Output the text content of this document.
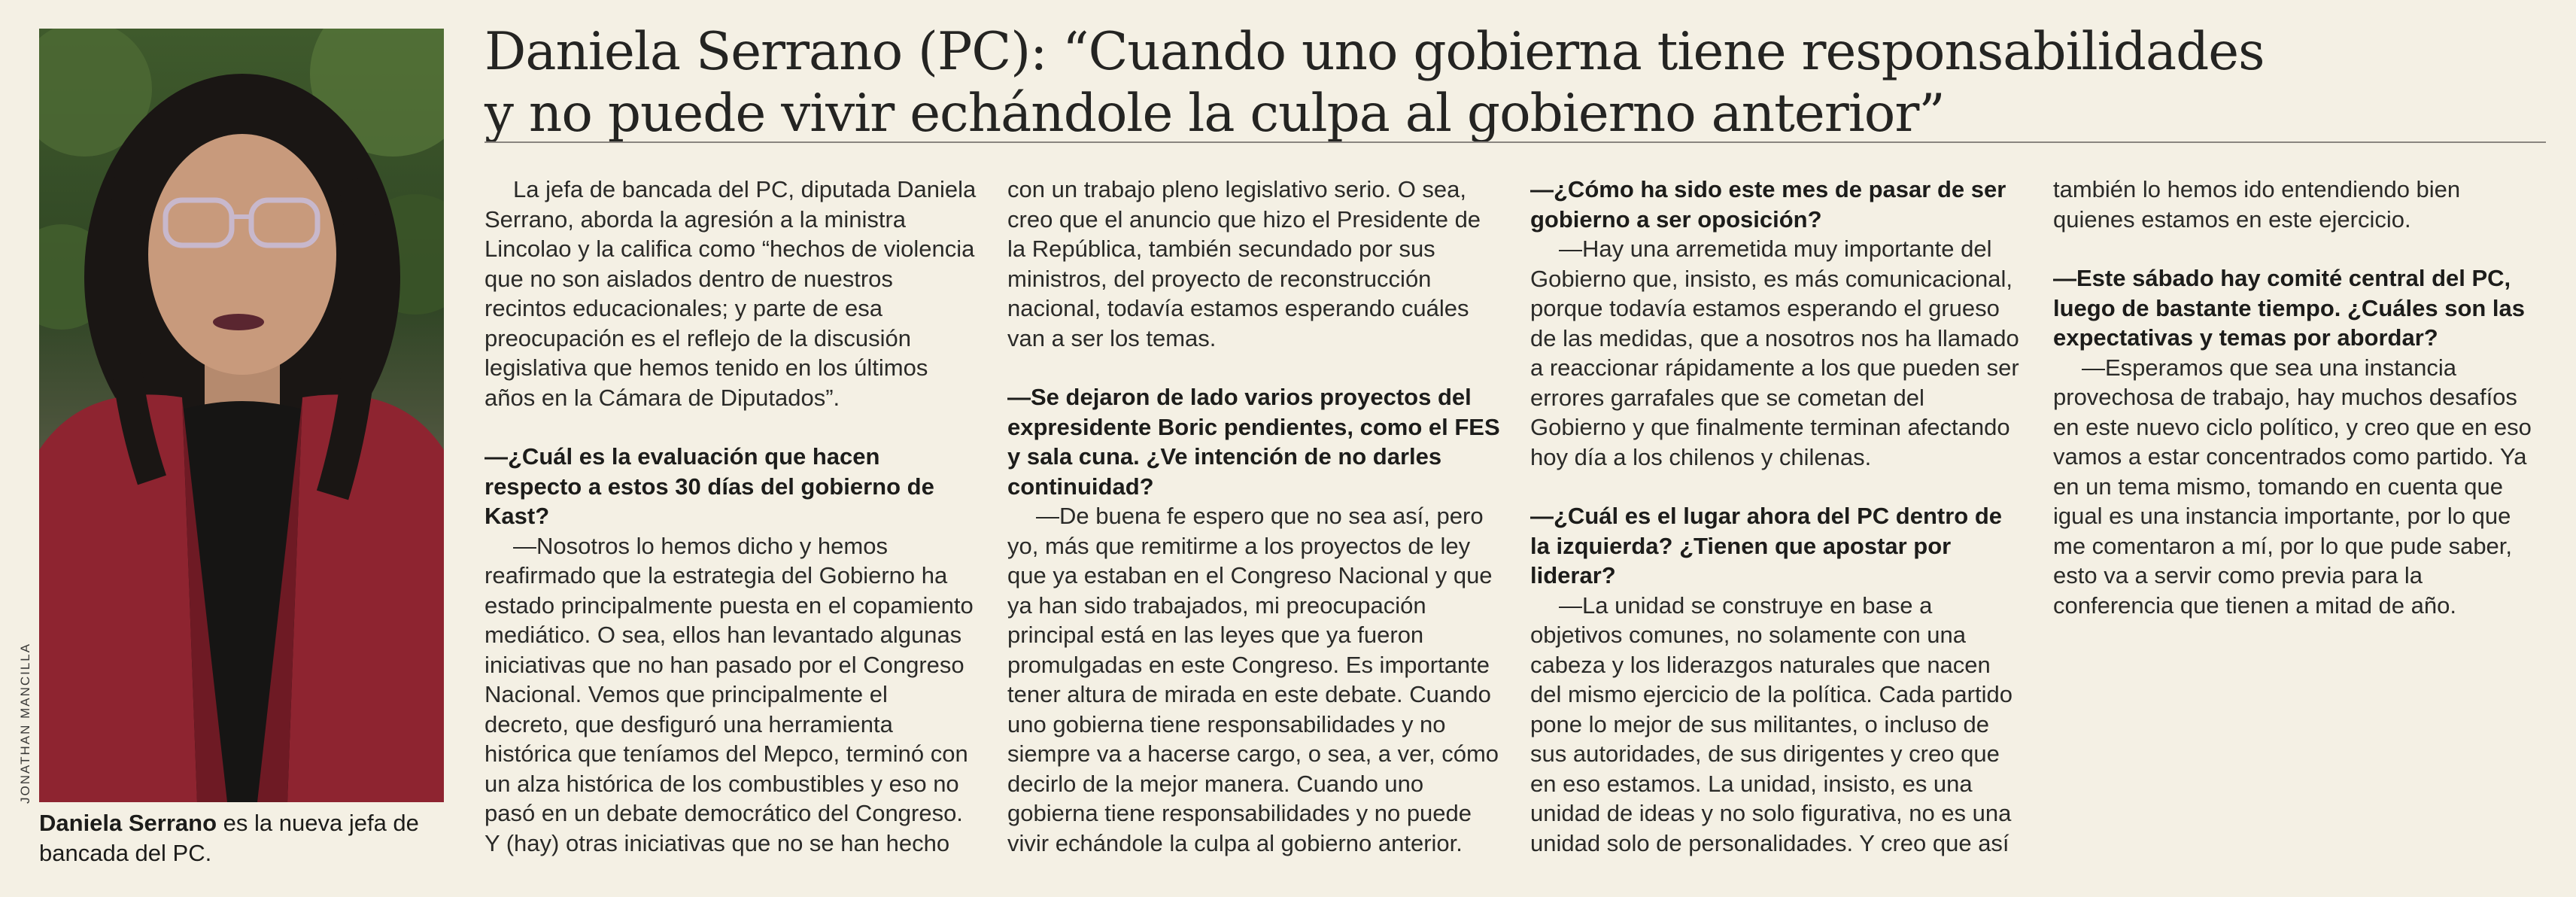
Daniela Serrano (PC): “Cuando uno gobierna tiene responsabilidades
y no puede vivir echándole la culpa al gobierno anterior”
JONATHAN MANCILLA
Daniela Serrano es la nueva jefa de bancada del PC.

La jefa de bancada del PC, diputada Daniela Serrano, aborda la agresión a la ministra Lincolao y la califica como “hechos de violencia que no son aislados dentro de nuestros recintos educacionales; y parte de esa preocupación es el reflejo de la discusión legislativa que hemos tenido en los últimos años en la Cámara de Diputados”.

—¿Cuál es la evaluación que hacen respecto a estos 30 días del gobierno de Kast?

—Nosotros lo hemos dicho y hemos reafirmado que la estrategia del Gobierno ha estado principalmente puesta en el copamiento mediático. O sea, ellos han levantado algunas iniciativas que no han pasado por el Congreso Nacional. Vemos que principalmente el decreto, que desfiguró una herramienta histórica que teníamos del Mepco, terminó con un alza histórica de los combustibles y eso no pasó en un debate democrático del Congreso. Y (hay) otras iniciativas que no se han hecho con un trabajo pleno legislativo serio. O sea, creo que el anuncio que hizo el Presidente de la República, también secundado por sus ministros, del proyecto de reconstrucción nacional, todavía estamos esperando cuáles van a ser los temas.

—Se dejaron de lado varios proyectos del expresidente Boric pendientes, como el FES y sala cuna. ¿Ve intención de no darles continuidad?

—De buena fe espero que no sea así, pero yo, más que remitirme a los proyectos de ley que ya estaban en el Congreso Nacional y que ya han sido trabajados, mi preocupación principal está en las leyes que ya fueron promulgadas en este Congreso. Es importante tener altura de mirada en este debate. Cuando uno gobierna tiene responsabilidades y no siempre va a hacerse cargo, o sea, a ver, cómo decirlo de la mejor manera. Cuando uno gobierna tiene responsabilidades y no puede vivir echándole la culpa al gobierno anterior.

—¿Cómo ha sido este mes de pasar de ser gobierno a ser oposición?

—Hay una arremetida muy importante del Gobierno que, insisto, es más comunicacional, porque todavía estamos esperando el grueso de las medidas, que a nosotros nos ha llamado a reaccionar rápidamente a los que pueden ser errores garrafales que se cometan del Gobierno y que finalmente terminan afectando hoy día a los chilenos y chilenas.

—¿Cuál es el lugar ahora del PC dentro de la izquierda? ¿Tienen que apostar por liderar?

—La unidad se construye en base a objetivos comunes, no solamente con una cabeza y los liderazgos naturales que nacen del mismo ejercicio de la política. Cada partido pone lo mejor de sus militantes, o incluso de sus autoridades, de sus dirigentes y creo que en eso estamos. La unidad, insisto, es una unidad de ideas y no solo figurativa, no es una unidad solo de personalidades. Y creo que así también lo hemos ido entendiendo bien quienes estamos en este ejercicio.

—Este sábado hay comité central del PC, luego de bastante tiempo. ¿Cuáles son las expectativas y temas por abordar?

—Esperamos que sea una instancia provechosa de trabajo, hay muchos desafíos en este nuevo ciclo político, y creo que en eso vamos a estar concentrados como partido. Ya en un tema mismo, tomando en cuenta que igual es una instancia importante, por lo que me comentaron a mí, por lo que pude saber, esto va a servir como previa para la conferencia que tienen a mitad de año.
